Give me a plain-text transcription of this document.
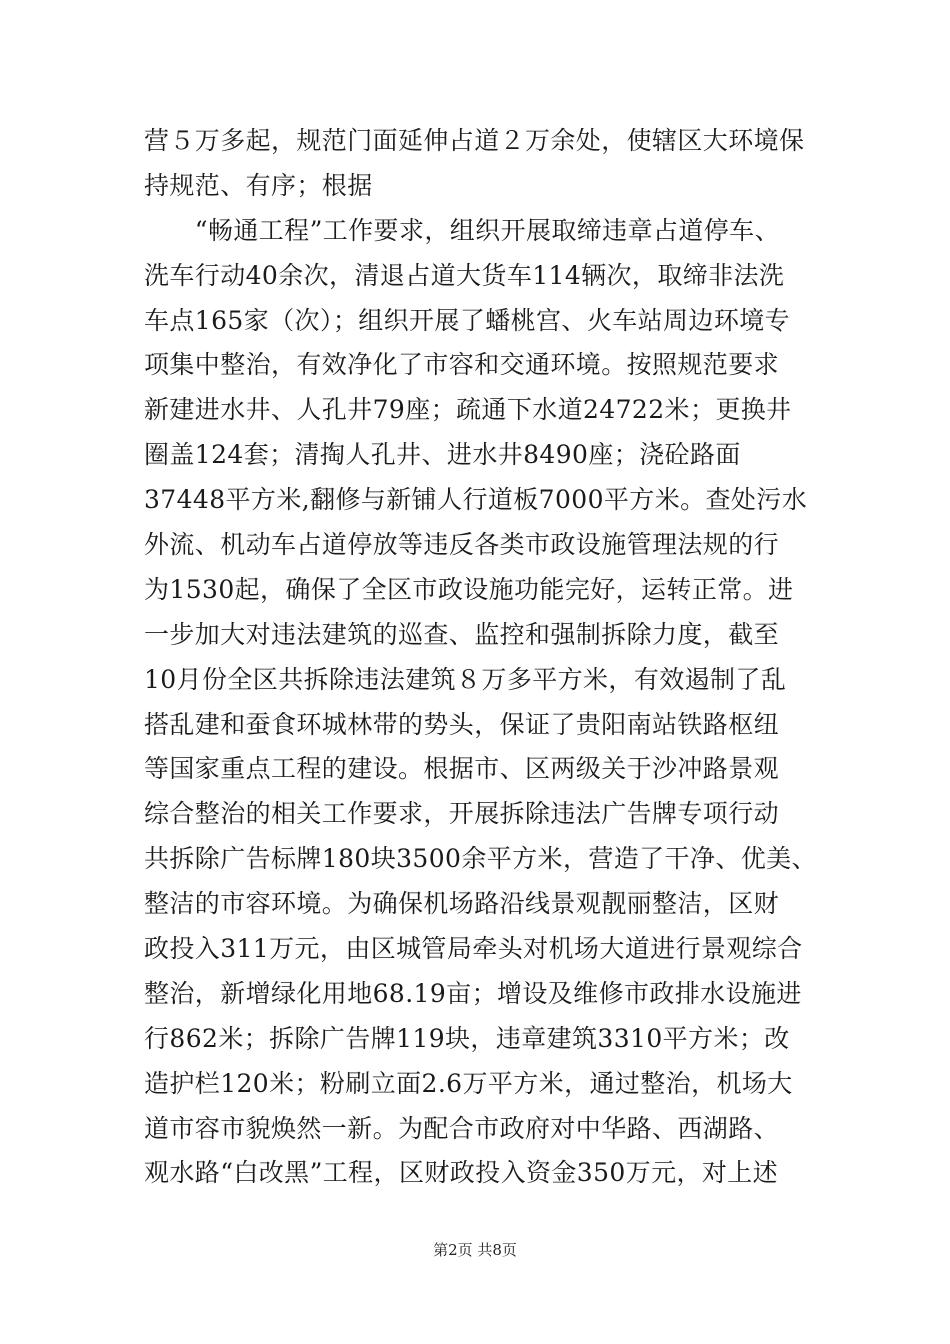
营５万多起，规范门面延伸占道２万余处，使辖区大环境保
持规范、有序；根据
　　“畅通工程”工作要求，组织开展取缔违章占道停车、
洗车行动40余次，清退占道大货车114辆次，取缔非法洗
车点165家（次）；组织开展了蟠桃宫、火车站周边环境专
项集中整治，有效净化了市容和交通环境。按照规范要求
新建进水井、人孔井79座；疏通下水道24722米；更换井
圈盖124套；清掏人孔井、进水井8490座；浇砼路面
37448平方米,翻修与新铺人行道板7000平方米。查处污水
外流、机动车占道停放等违反各类市政设施管理法规的行
为1530起，确保了全区市政设施功能完好，运转正常。进
一步加大对违法建筑的巡查、监控和强制拆除力度，截至
10月份全区共拆除违法建筑８万多平方米，有效遏制了乱
搭乱建和蚕食环城林带的势头，保证了贵阳南站铁路枢纽
等国家重点工程的建设。根据市、区两级关于沙冲路景观
综合整治的相关工作要求，开展拆除违法广告牌专项行动
共拆除广告标牌180块3500余平方米，营造了干净、优美、
整洁的市容环境。为确保机场路沿线景观靓丽整洁，区财
政投入311万元，由区城管局牵头对机场大道进行景观综合
整治，新增绿化用地68.19亩；增设及维修市政排水设施进
行862米；拆除广告牌119块，违章建筑3310平方米；改
造护栏120米；粉刷立面2.6万平方米，通过整治，机场大
道市容市貌焕然一新。为配合市政府对中华路、西湖路、
观水路“白改黑”工程，区财政投入资金350万元，对上述
第2页 共8页
